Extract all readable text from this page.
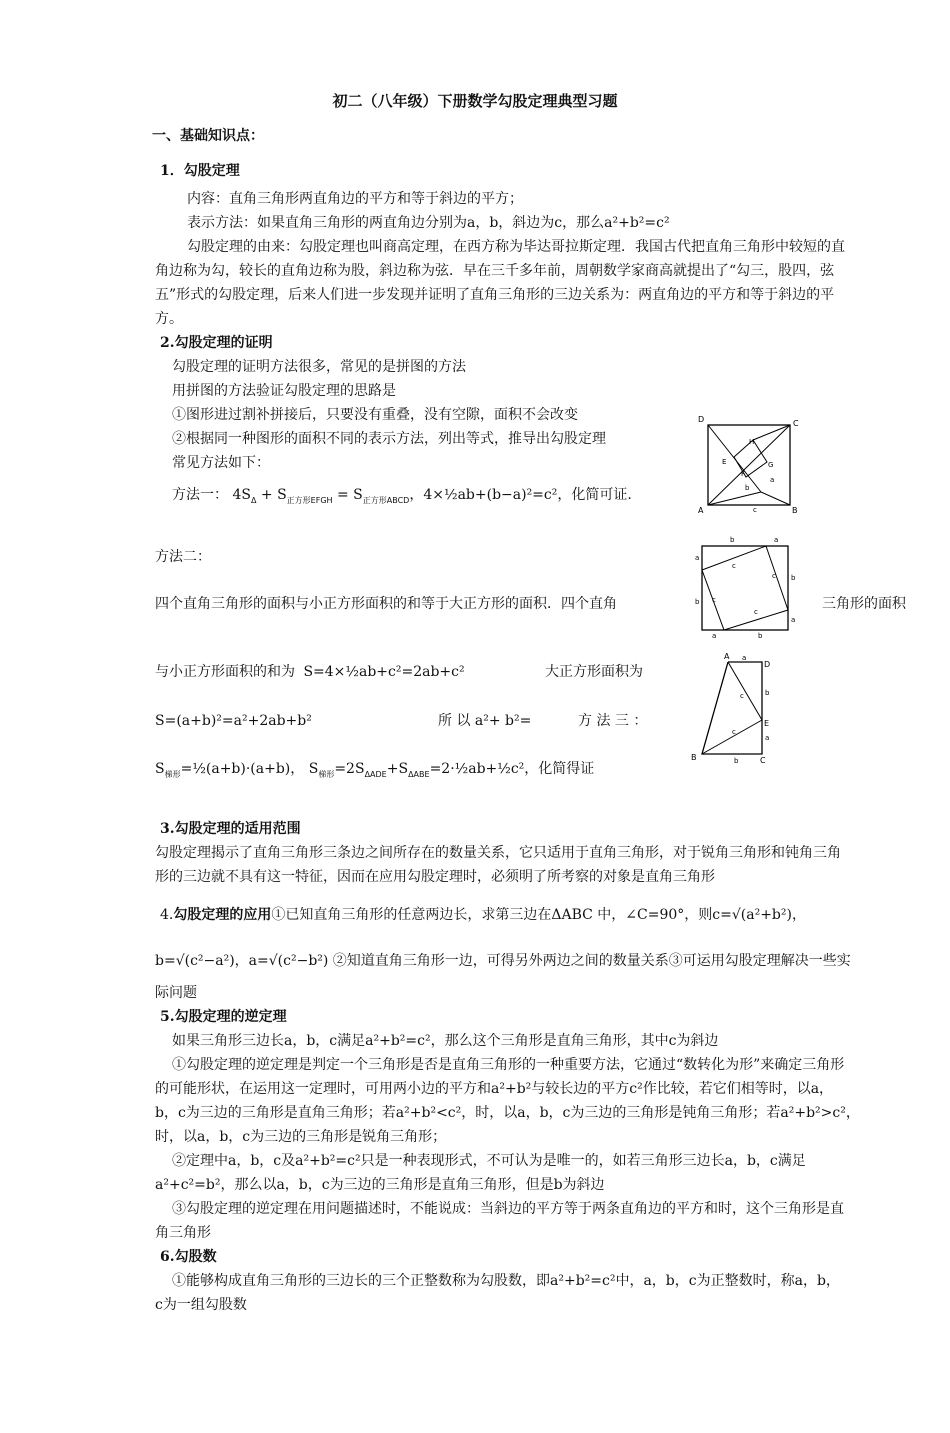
初二（八年级）下册数学勾股定理典型习题
一、基础知识点：
1．勾股定理
内容：直角三角形两直角边的平方和等于斜边的平方；
表示方法：如果直角三角形的两直角边分别为a，b，斜边为c，那么a²+b²=c²
勾股定理的由来：勾股定理也叫商高定理，在西方称为毕达哥拉斯定理．我国古代把直角三角形中较短的直
角边称为勾，较长的直角边称为股，斜边称为弦．早在三千多年前，周朝数学家商高就提出了“勾三，股四，弦
五”形式的勾股定理，后来人们进一步发现并证明了直角三角形的三边关系为：两直角边的平方和等于斜边的平
方。
2.勾股定理的证明
勾股定理的证明方法很多，常见的是拼图的方法
用拼图的方法验证勾股定理的思路是
①图形进过割补拼接后，只要没有重叠，没有空隙，面积不会改变
②根据同一种图形的面积不同的表示方法，列出等式，推导出勾股定理
常见方法如下：
方法一： $4S_\Delta + S_{正方形EFGH} = S_{正方形ABCD}$，4×½ab+(b−a)²=c²，化简可证.
D	C
A	B
H
E
F
G
b
a
c
方法二：
b	a
a
b
b
a
a	b
c
c
c
c
四个直角三角形的面积与小正方形面积的和等于大正方形的面积．四个直角	三角形的面积
与小正方形面积的和为 S=4×½ab+c²=2ab+c²	大正方形面积为
S=(a+b)²=a²+2ab+b²	所 以 a²+ b²=	方 法 三 ：
A
D
E
B	C
a
b
a
b
c
c
$S_{梯形}=\frac{1}{2}(a+b)\cdot(a+b)$， $S_{梯形}=2S_{\Delta ADE}+S_{\Delta ABE}=2\cdot\frac{1}{2}ab+\frac{1}{2}c^2$，化简得证
3.勾股定理的适用范围
勾股定理揭示了直角三角形三条边之间所存在的数量关系，它只适用于直角三角形，对于锐角三角形和钝角三角
形的三边就不具有这一特征，因而在应用勾股定理时，必须明了所考察的对象是直角三角形
4.勾股定理的应用①已知直角三角形的任意两边长，求第三边在ΔABC 中，∠C=90°，则c=√(a²+b²)，
b=√(c²−a²)，a=√(c²−b²) ②知道直角三角形一边，可得另外两边之间的数量关系③可运用勾股定理解决一些实
际问题
5.勾股定理的逆定理
如果三角形三边长a，b，c满足a²+b²=c²，那么这个三角形是直角三角形，其中c为斜边
①勾股定理的逆定理是判定一个三角形是否是直角三角形的一种重要方法，它通过“数转化为形”来确定三角形
的可能形状，在运用这一定理时，可用两小边的平方和a²+b²与较长边的平方c²作比较，若它们相等时，以a，
b，c为三边的三角形是直角三角形；若a²+b²<c²，时，以a，b，c为三边的三角形是钝角三角形；若a²+b²>c²，
时，以a，b，c为三边的三角形是锐角三角形；
②定理中a，b，c及a²+b²=c²只是一种表现形式，不可认为是唯一的，如若三角形三边长a，b，c满足
a²+c²=b²，那么以a，b，c为三边的三角形是直角三角形，但是b为斜边
③勾股定理的逆定理在用问题描述时，不能说成：当斜边的平方等于两条直角边的平方和时，这个三角形是直
角三角形
6.勾股数
①能够构成直角三角形的三边长的三个正整数称为勾股数，即a²+b²=c²中，a，b，c为正整数时，称a，b，
c为一组勾股数
